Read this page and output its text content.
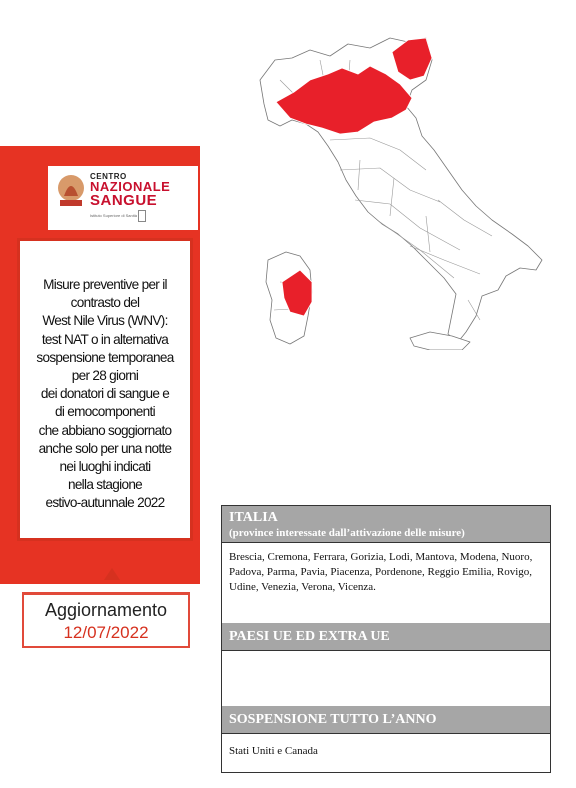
CENTRO
NAZIONALE
SANGUE
Istituto Superiore di Sanità
Misure preventive per il
contrasto del
West Nile Virus (WNV):
test NAT o in alternativa
sospensione temporanea
per 28 giorni
dei donatori di sangue e
di emocomponenti
che abbiano soggiornato
anche solo per una notte
nei luoghi indicati
nella stagione
estivo-autunnale 2022
Aggiornamento
12/07/2022
ITALIA
(province interessate dall’attivazione delle misure)
Brescia, Cremona, Ferrara, Gorizia, Lodi, Mantova, Modena, Nuoro, Padova, Parma, Pavia, Piacenza, Pordenone, Reggio Emilia, Rovigo, Udine, Venezia, Verona, Vicenza.
PAESI UE ED EXTRA UE
SOSPENSIONE TUTTO L’ANNO
Stati Uniti e Canada
